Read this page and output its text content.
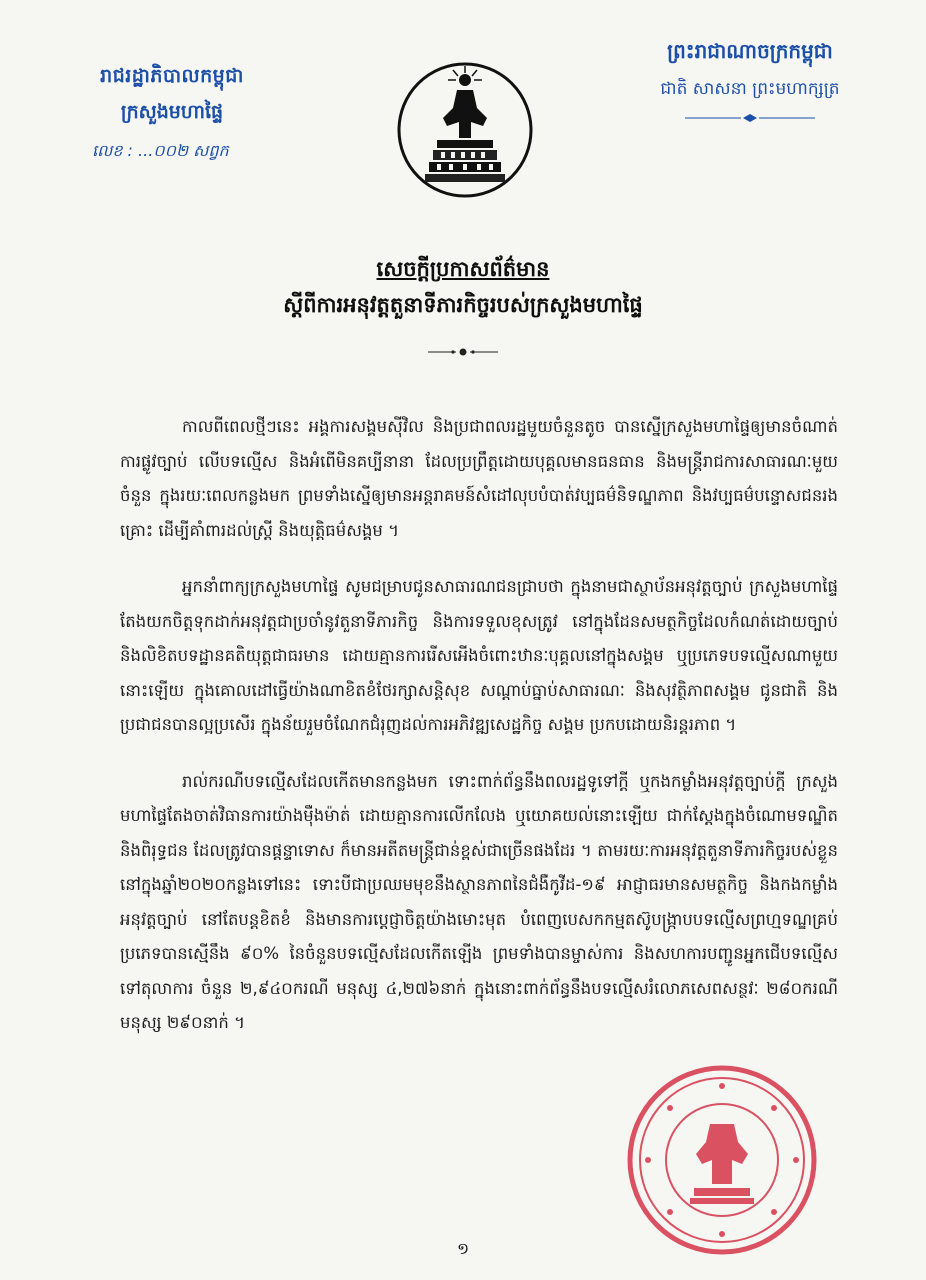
រាជរដ្ឋាភិបាលកម្ពុជា
ក្រសួងមហាផ្ទៃ
លេខ : ...០០២ សព្វក
ព្រះរាជាណាចក្រកម្ពុជា
ជាតិ សាសនា ព្រះមហាក្សត្រ
សេចក្តីប្រកាសព័ត៌មាន
ស្តីពីការអនុវត្តតួនាទីភារកិច្ចរបស់ក្រសួងមហាផ្ទៃ

កាលពីពេលថ្មីៗនេះ អង្គការសង្គមស៊ីវិល និងប្រជាពលរដ្ឋមួយចំនួនតូច បានស្នើក្រសួងមហាផ្ទៃឲ្យមានចំណាត់ការផ្លូវច្បាប់ លើបទល្មើស និងអំពើមិនគប្បីនានា ដែលប្រព្រឹត្តដោយបុគ្គលមានធនធាន និងមន្ត្រីរាជការសាធារណៈមួយចំនួន ក្នុងរយៈពេលកន្លងមក ព្រមទាំងស្នើឲ្យមានអន្តរាគមន៍សំដៅលុបបំបាត់វប្បធម៌និទណ្ឌភាព និងវប្បធម៌បន្ទោសជនរងគ្រោះ ដើម្បីគាំពារដល់ស្ត្រី និងយុត្តិធម៌សង្គម ។

អ្នកនាំពាក្យក្រសួងមហាផ្ទៃ សូមជម្រាបជូនសាធារណជនជ្រាបថា ក្នុងនាមជាស្ថាប័នអនុវត្តច្បាប់ ក្រសួងមហាផ្ទៃ តែងយកចិត្តទុកដាក់អនុវត្តជាប្រចាំនូវតួនាទីភារកិច្ច និងការទទួលខុសត្រូវ នៅក្នុងដែនសមត្ថកិច្ចដែលកំណត់ដោយច្បាប់ និងលិខិតបទដ្ឋានគតិយុត្តជាធរមាន ដោយគ្មានការរើសអើងចំពោះឋានៈបុគ្គលនៅក្នុងសង្គម ឬប្រភេទបទល្មើសណាមួយនោះឡើយ ក្នុងគោលដៅធ្វើយ៉ាងណាខិតខំថែរក្សាសន្តិសុខ សណ្តាប់ធ្នាប់សាធារណៈ និងសុវត្ថិភាពសង្គម ជូនជាតិ និងប្រជាជនបានល្អប្រសើរ ក្នុងន័យរួមចំណែកជំរុញដល់ការអភិវឌ្ឍសេដ្ឋកិច្ច សង្គម ប្រកបដោយនិរន្តរភាព ។

រាល់ករណីបទល្មើសដែលកើតមានកន្លងមក ទោះពាក់ព័ន្ធនឹងពលរដ្ឋទូទៅក្តី ឬកងកម្លាំងអនុវត្តច្បាប់ក្តី ក្រសួងមហាផ្ទៃតែងចាត់វិធានការយ៉ាងម៉ឺងម៉ាត់ ដោយគ្មានការលើកលែង ឬយោគយល់នោះឡើយ ជាក់ស្តែងក្នុងចំណោមទណ្ឌិត និងពិរុទ្ធជន ដែលត្រូវបានផ្តន្ទាទោស ក៏មានអតីតមន្ត្រីជាន់ខ្ពស់ជាច្រើនផងដែរ ។ តាមរយៈការអនុវត្តតួនាទីភារកិច្ចរបស់ខ្លួន នៅក្នុងឆ្នាំ២០២០កន្លងទៅនេះ ទោះបីជាប្រឈមមុខនឹងស្ថានភាពនៃជំងឺកូវីដ-១៩ អាជ្ញាធរមានសមត្ថកិច្ច និងកងកម្លាំងអនុវត្តច្បាប់ នៅតែបន្តខិតខំ និងមានការប្តេជ្ញាចិត្តយ៉ាងមោះមុត បំពេញបេសកកម្មតស៊ូបង្ក្រាបបទល្មើសព្រហ្មទណ្ឌគ្រប់ប្រភេទបានស្មើនឹង ៩០% នៃចំនួនបទល្មើសដែលកើតឡើង ព្រមទាំងបានម្ចាស់ការ និងសហការបញ្ជូនអ្នកជើបទល្មើសទៅតុលាការ ចំនួន ២,៩៤០ករណី មនុស្ស ៤,២៧៦នាក់ ក្នុងនោះពាក់ព័ន្ធនឹងបទល្មើសរំលោភសេពសន្ថវៈ ២៨០ករណី មនុស្ស ២៩០នាក់ ។

១
